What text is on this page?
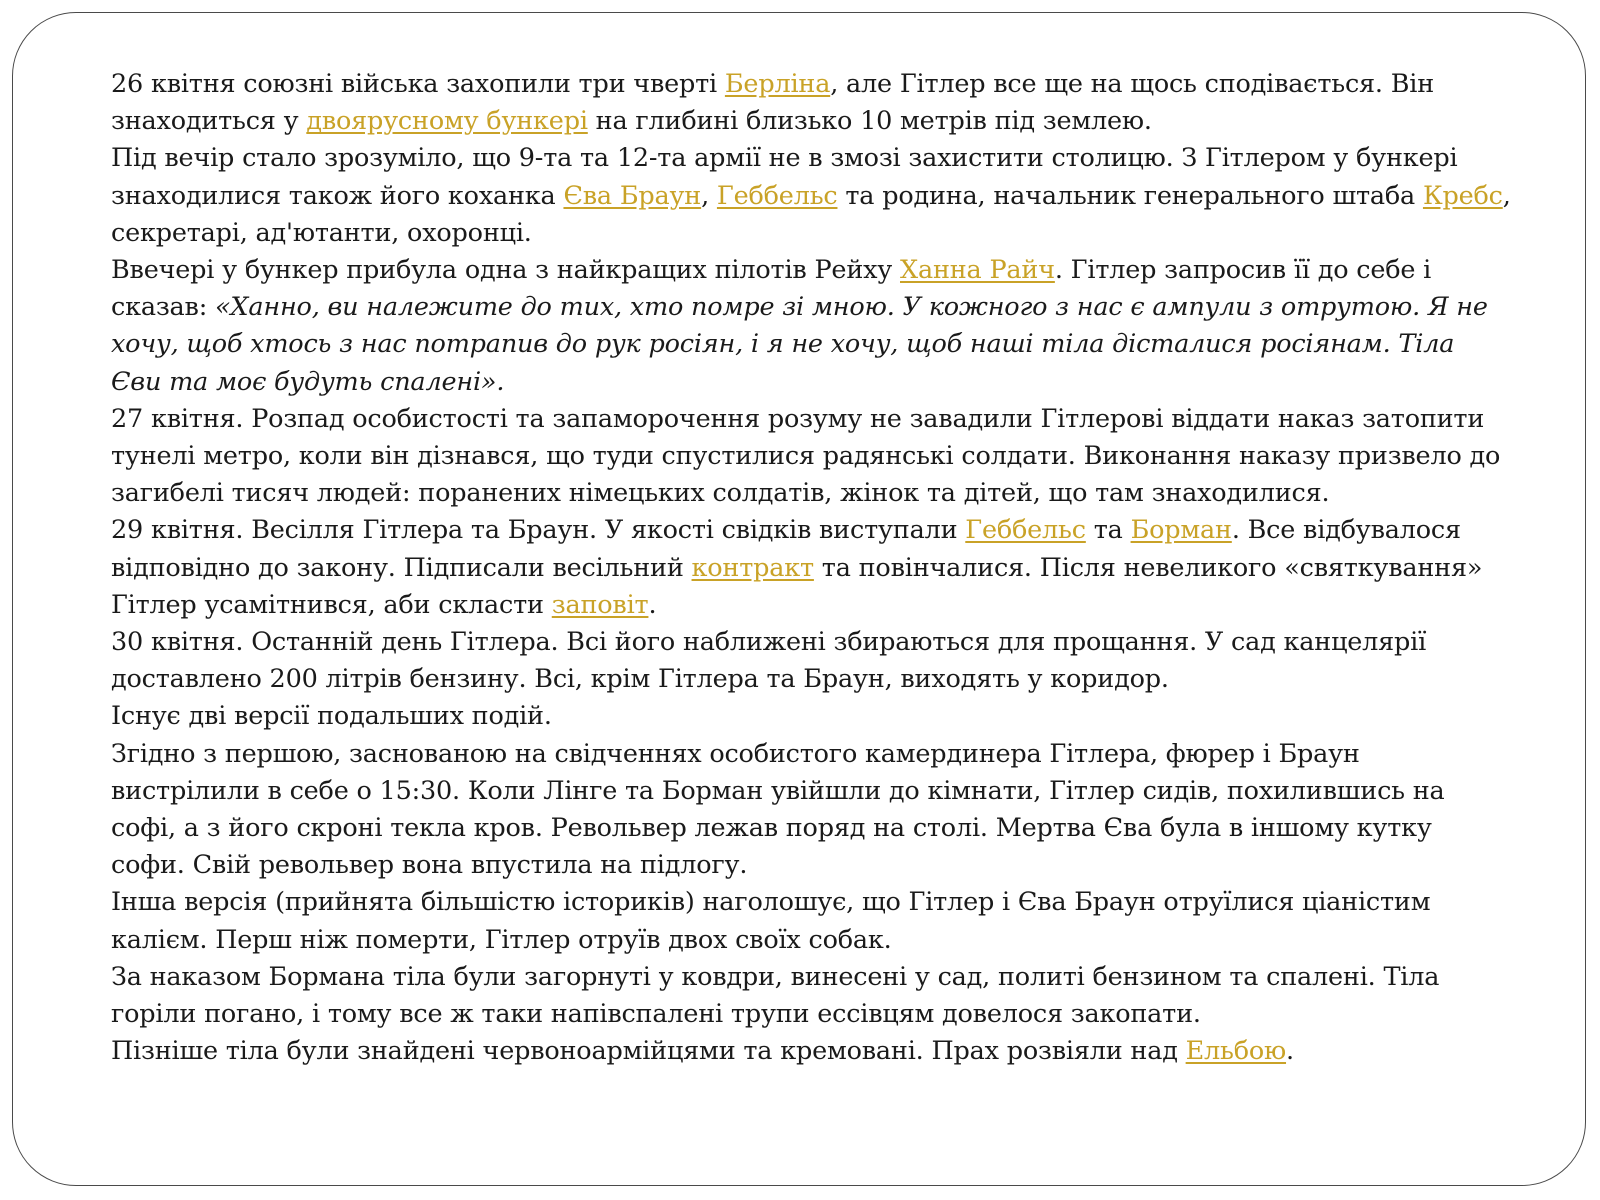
26 квітня союзні війська захопили три чверті Берліна, але Гітлер все ще на щось сподівається. Він знаходиться у двоярусному бункері на глибині близько 10 метрів під землею.

Під вечір стало зрозуміло, що 9-та та 12-та армії не в змозі захистити столицю. З Гітлером у бункері знаходилися також його коханка Єва Браун, Геббельс та родина, начальник генерального штаба Кребс, секретарі, ад'ютанти, охоронці.

Ввечері у бункер прибула одна з найкращих пілотів Рейху Ханна Райч. Гітлер запросив її до себе і сказав: «Ханно, ви належите до тих, хто помре зі мною. У кожного з нас є ампули з отрутою. Я не хочу, щоб хтось з нас потрапив до рук росіян, і я не хочу, щоб наші тіла дісталися росіянам. Тіла Єви та моє будуть спалені».

27 квітня. Розпад особистості та запаморочення розуму не завадили Гітлерові віддати наказ затопити тунелі метро, коли він дізнався, що туди спустилися радянські солдати. Виконання наказу призвело до загибелі тисяч людей: поранених німецьких солдатів, жінок та дітей, що там знаходилися.

29 квітня. Весілля Гітлера та Браун. У якості свідків виступали Геббельс та Борман. Все відбувалося відповідно до закону. Підписали весільний контракт та повінчалися. Після невеликого «святкування» Гітлер усамітнився, аби скласти заповіт.

30 квітня. Останній день Гітлера. Всі його наближені збираються для прощання. У сад канцелярії доставлено 200 літрів бензину. Всі, крім Гітлера та Браун, виходять у коридор.

Існує дві версії подальших подій.

Згідно з першою, заснованою на свідченнях особистого камердинера Гітлера, фюрер і Браун вистрілили в себе о 15:30. Коли Лінге та Борман увійшли до кімнати, Гітлер сидів, похилившись на софі, а з його скроні текла кров. Револьвер лежав поряд на столі. Мертва Єва була в іншому кутку софи. Свій револьвер вона впустила на підлогу.

Інша версія (прийнята більшістю істориків) наголошує, що Гітлер і Єва Браун отруїлися ціаністим калієм. Перш ніж померти, Гітлер отруїв двох своїх собак.

За наказом Бормана тіла були загорнуті у ковдри, винесені у сад, политі бензином та спалені. Тіла горіли погано, і тому все ж таки напівспалені трупи ессівцям довелося закопати.

Пізніше тіла були знайдені червоноармійцями та кремовані. Прах розвіяли над Ельбою.
